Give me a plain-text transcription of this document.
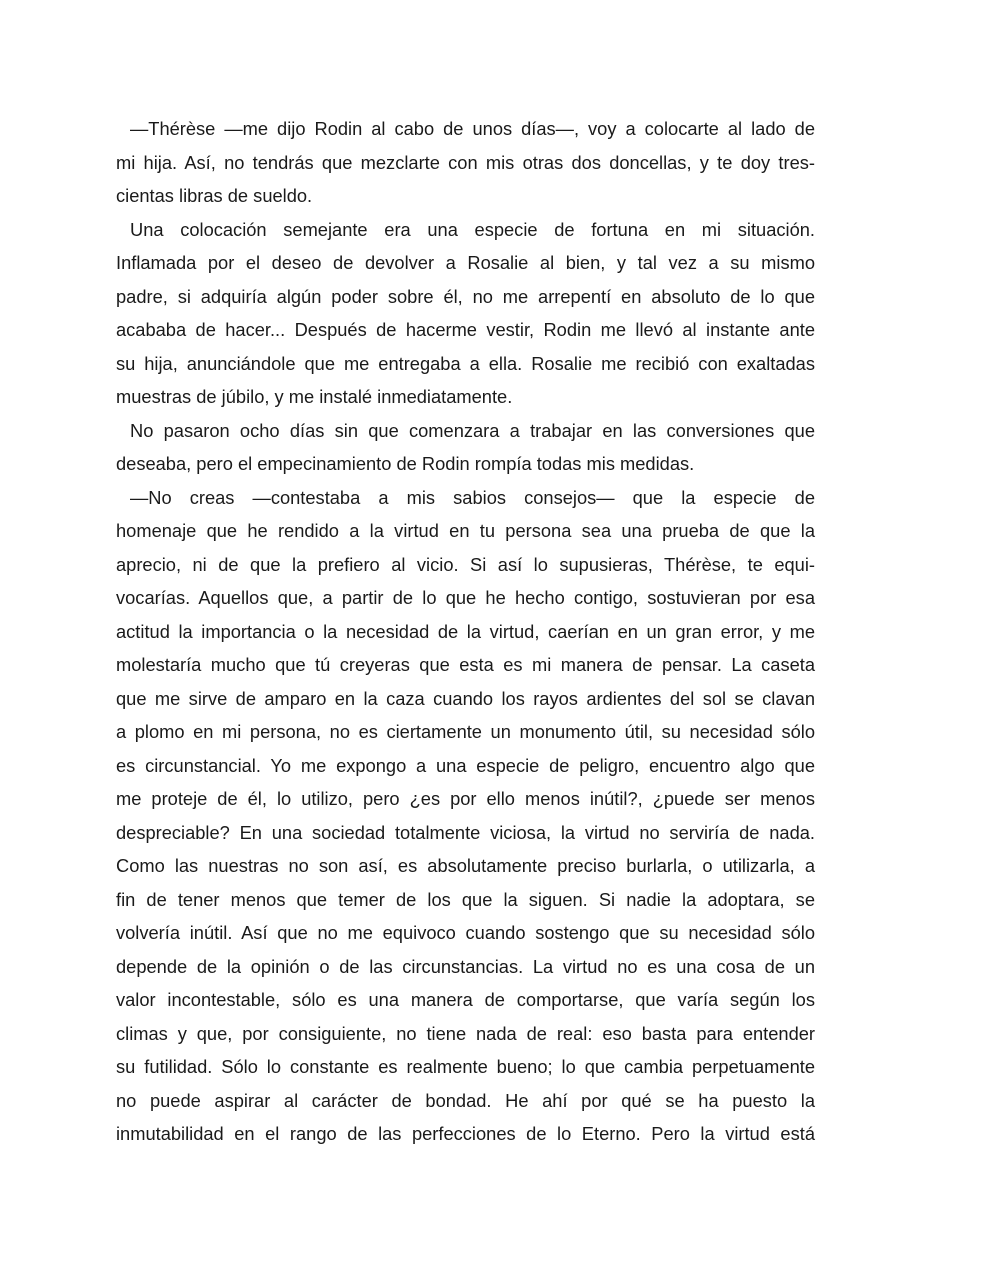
—Thérèse —me dijo Rodin al cabo de unos días—, voy a colocarte al lado de
mi hija. Así, no tendrás que mezclarte con mis otras dos doncellas, y te doy tres-
cientas libras de sueldo.
Una colocación semejante era una especie de fortuna en mi situación.
Inflamada por el deseo de devolver a Rosalie al bien, y tal vez a su mismo
padre, si adquiría algún poder sobre él, no me arrepentí en absoluto de lo que
acababa de hacer... Después de hacerme vestir, Rodin me llevó al instante ante
su hija, anunciándole que me entregaba a ella. Rosalie me recibió con exaltadas
muestras de júbilo, y me instalé inmediatamente.
No pasaron ocho días sin que comenzara a trabajar en las conversiones que
deseaba, pero el empecinamiento de Rodin rompía todas mis medidas.
—No creas —contestaba a mis sabios consejos— que la especie de
homenaje que he rendido a la virtud en tu persona sea una prueba de que la
aprecio, ni de que la prefiero al vicio. Si así lo supusieras, Thérèse, te equi-
vocarías. Aquellos que, a partir de lo que he hecho contigo, sostuvieran por esa
actitud la importancia o la necesidad de la virtud, caerían en un gran error, y me
molestaría mucho que tú creyeras que esta es mi manera de pensar. La caseta
que me sirve de amparo en la caza cuando los rayos ardientes del sol se clavan
a plomo en mi persona, no es ciertamente un monumento útil, su necesidad sólo
es circunstancial. Yo me expongo a una especie de peligro, encuentro algo que
me proteje de él, lo utilizo, pero ¿es por ello menos inútil?, ¿puede ser menos
despreciable? En una sociedad totalmente viciosa, la virtud no serviría de nada.
Como las nuestras no son así, es absolutamente preciso burlarla, o utilizarla, a
fin de tener menos que temer de los que la siguen. Si nadie la adoptara, se
volvería inútil. Así que no me equivoco cuando sostengo que su necesidad sólo
depende de la opinión o de las circunstancias. La virtud no es una cosa de un
valor incontestable, sólo es una manera de comportarse, que varía según los
climas y que, por consiguiente, no tiene nada de real: eso basta para entender
su futilidad. Sólo lo constante es realmente bueno; lo que cambia perpetuamente
no puede aspirar al carácter de bondad. He ahí por qué se ha puesto la
inmutabilidad en el rango de las perfecciones de lo Eterno. Pero la virtud está
